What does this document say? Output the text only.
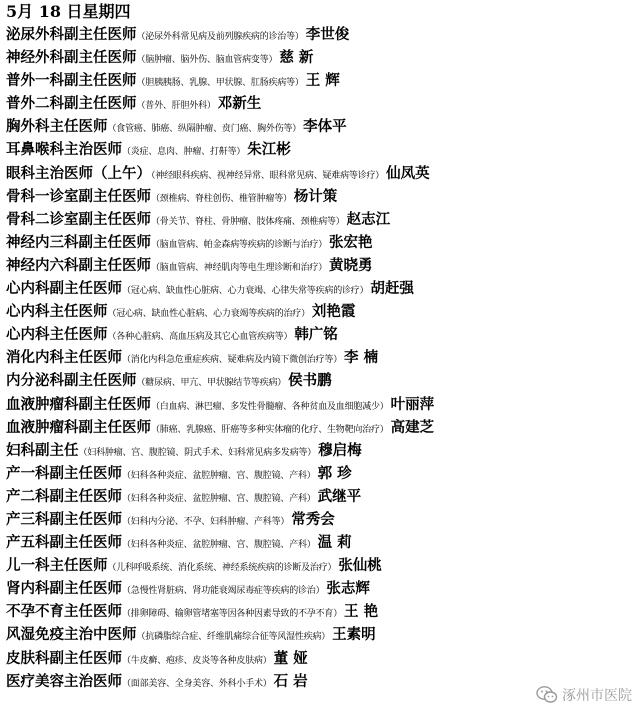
5月 18 日星期四
泌尿外科副主任医师（泌尿外科常见病及前列腺疾病的诊治等） 李世俊
神经外科副主任医师（脑肿瘤、脑外伤、脑血管病变等） 慈 新
普外一科副主任医师（胆胰胰肠、乳腺、甲状腺、肛肠疾病等） 王 辉
普外二科副主任医师（普外、肝胆外科） 邓新生
胸外科主任医师（食管癌、肺癌、纵隔肿瘤、贲门癌、胸外伤等） 李体平
耳鼻喉科主治医师（炎症、息肉、肿瘤、打鼾等） 朱江彬
眼科主治医师（上午）（神经眼科疾病、视神经异常、眼科常见病、疑难病等诊疗） 仙凤英
骨科一诊室副主任医师（颈椎病、脊柱创伤、椎管肿瘤等） 杨计策
骨科二诊室副主任医师（骨关节、脊柱、骨肿瘤、肢体疼痛、颈椎病等） 赵志江
神经内三科副主任医师（脑血管病、帕金森病等疾病的诊断与治疗） 张宏艳
神经内六科副主任医师（脑血管病、神经肌肉等电生理诊断和治疗） 黄晓勇
心内科副主任医师（冠心病、缺血性心脏病、心力衰竭、心律失常等疾病的诊疗） 胡赶强
心内科主任医师（冠心病、缺血性心脏病、心力衰竭等疾病的治疗） 刘艳霞
心内科主任医师（各种心脏病、高血压病及其它心血管疾病等） 韩广铭
消化内科主任医师（消化内科急危重症疾病、疑难病及内镜下微创治疗等） 李 楠
内分泌科副主任医师（糖尿病、甲亢、甲状腺结节等疾病） 侯书鹏
血液肿瘤科副主任医师（白血病、淋巴瘤、多发性骨髓瘤、各种贫血及血细胞减少） 叶丽萍
血液肿瘤科副主任医师（肺癌、乳腺癌、肝癌等多种实体瘤的化疗、生物靶向治疗） 高建芝
妇科副主任（妇科肿瘤、宫、腹腔镜、阴式手术、妇科常见病多发病等） 穆启梅
产一科副主任医师（妇科各种炎症、盆腔肿瘤、宫、腹腔镜、产科） 郭 珍
产二科副主任医师（妇科各种炎症、盆腔肿瘤、宫、腹腔镜、产科） 武继平
产三科副主任医师（妇科内分泌、不孕、妇科肿瘤、产科等） 常秀会
产五科副主任医师（妇科各种炎症、盆腔肿瘤、宫、腹腔镜、产科） 温 莉
儿一科主任医师（儿科呼吸系统、消化系统、神经系统疾病的诊断及治疗） 张仙桃
肾内科副主任医师（急慢性肾脏病、肾功能衰竭尿毒症等疾病的诊治） 张志辉
不孕不育主任医师（排卵障碍、输卵管堵塞等因各种因素导致的不孕不育） 王 艳
风湿免疫主治中医师（抗磷脂综合症、纤维肌痛综合征等风湿性疾病） 王素明
皮肤科副主任医师（牛皮癣、疱疹、皮炎等各种皮肤病） 董 娅
医疗美容主治医师（面部美容、全身美容、外科小手术） 石 岩
涿州市医院
